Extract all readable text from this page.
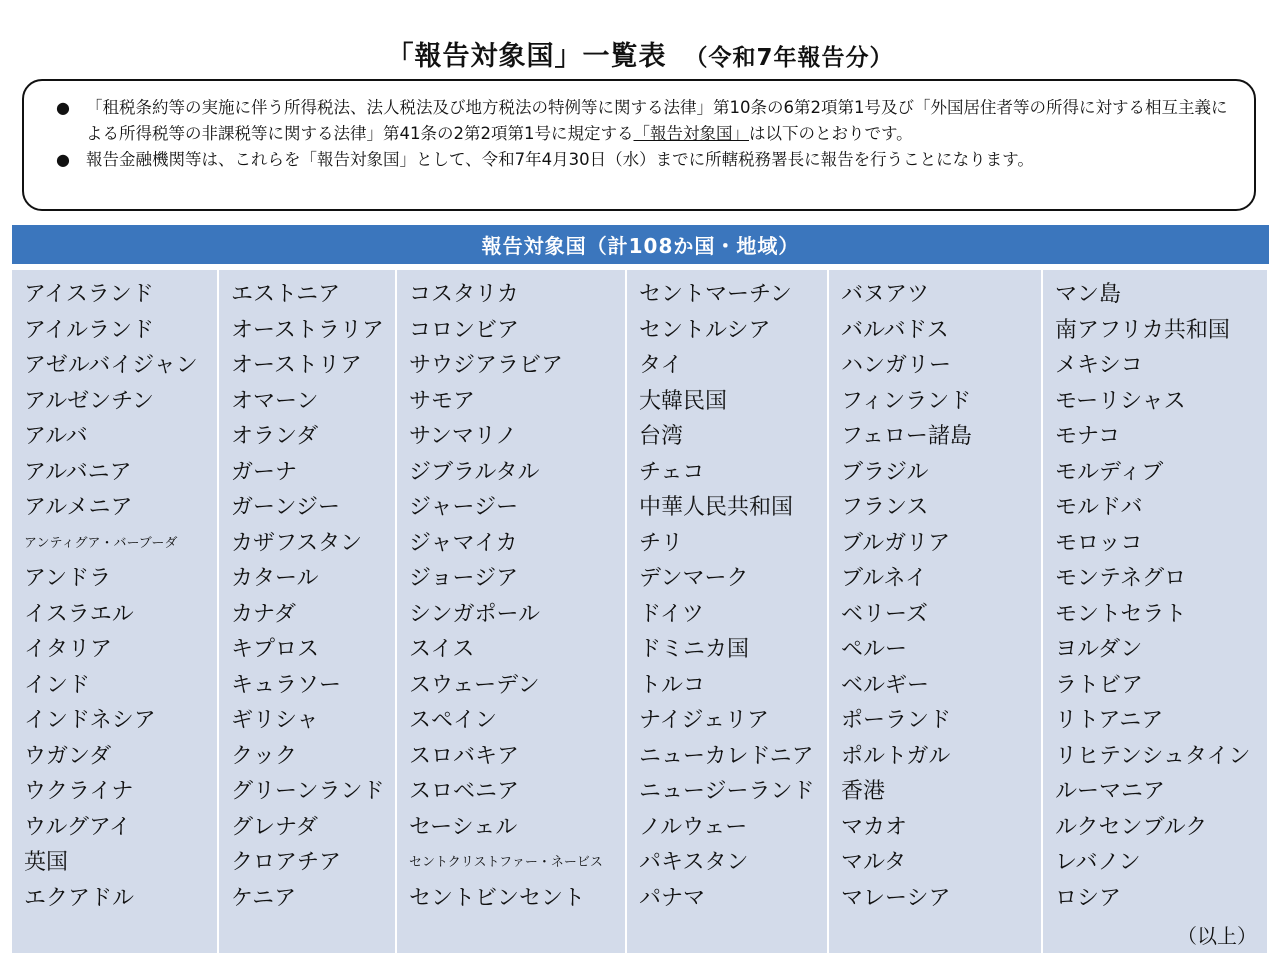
「報告対象国」一覧表 （令和7年報告分）
● 「租税条約等の実施に伴う所得税法、法人税法及び地方税法の特例等に関する法律」第10条の6第2項第1号及び「外国居住者等の所得に対する相互主義による所得税等の非課税等に関する法律」第41条の2第2項第1号に規定する「報告対象国」は以下のとおりです。
● 報告金融機関等は、これらを「報告対象国」として、令和7年4月30日（水）までに所轄税務署長に報告を行うことになります。
報告対象国（計108か国・地域）
アイスランド
アイルランド
アゼルバイジャン
アルゼンチン
アルバ
アルバニア
アルメニア
アンティグア・バーブーダ
アンドラ
イスラエル
イタリア
インド
インドネシア
ウガンダ
ウクライナ
ウルグアイ
英国
エクアドル
エストニア
オーストラリア
オーストリア
オマーン
オランダ
ガーナ
ガーンジー
カザフスタン
カタール
カナダ
キプロス
キュラソー
ギリシャ
クック
グリーンランド
グレナダ
クロアチア
ケニア
コスタリカ
コロンビア
サウジアラビア
サモア
サンマリノ
ジブラルタル
ジャージー
ジャマイカ
ジョージア
シンガポール
スイス
スウェーデン
スペイン
スロバキア
スロベニア
セーシェル
セントクリストファー・ネービス
セントビンセント
セントマーチン
セントルシア
タイ
大韓民国
台湾
チェコ
中華人民共和国
チリ
デンマーク
ドイツ
ドミニカ国
トルコ
ナイジェリア
ニューカレドニア
ニュージーランド
ノルウェー
パキスタン
パナマ
バヌアツ
バルバドス
ハンガリー
フィンランド
フェロー諸島
ブラジル
フランス
ブルガリア
ブルネイ
ベリーズ
ペルー
ベルギー
ポーランド
ポルトガル
香港
マカオ
マルタ
マレーシア
マン島
南アフリカ共和国
メキシコ
モーリシャス
モナコ
モルディブ
モルドバ
モロッコ
モンテネグロ
モントセラト
ヨルダン
ラトビア
リトアニア
リヒテンシュタイン
ルーマニア
ルクセンブルク
レバノン
ロシア
（以上）
